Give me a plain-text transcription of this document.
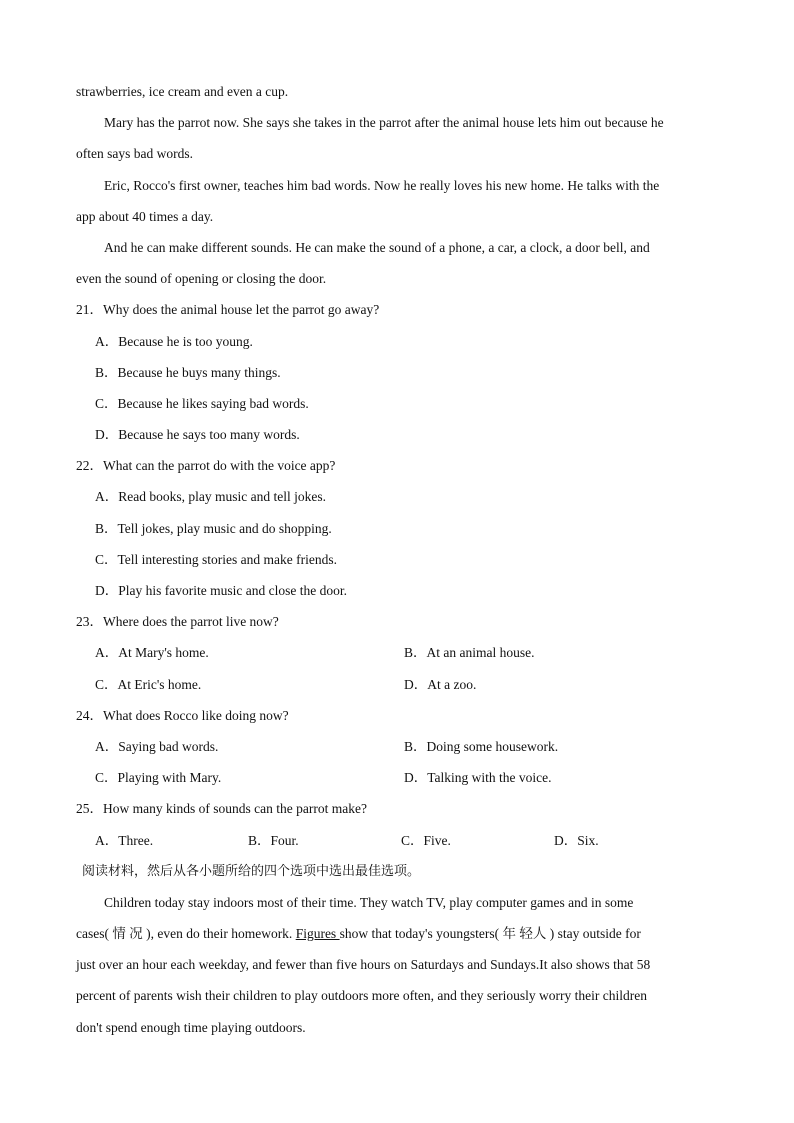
strawberries, ice cream and even a cup.
Mary has the parrot now. She says she takes in the parrot after the animal house lets him out because he
often says bad words.
Eric, Rocco's first owner, teaches him bad words. Now he really loves his new home. He talks with the
app about 40 times a day.
And he can make different sounds. He can make the sound of a phone, a car, a clock, a door bell, and
even the sound of opening or closing the door.
21．Why does the animal house let the parrot go away?
A．Because he is too young.
B．Because he buys many things.
C．Because he likes saying bad words.
D．Because he says too many words.
22．What can the parrot do with the voice app?
A．Read books, play music and tell jokes.
B．Tell jokes, play music and do shopping.
C．Tell interesting stories and make friends.
D．Play his favorite music and close the door.
23．Where does the parrot live now?
A．At Mary's home.	B．At an animal house.
C．At Eric's home.	D．At a zoo.
24．What does Rocco like doing now?
A．Saying bad words.	B．Doing some housework.
C．Playing with Mary.	D．Talking with the voice.
25．How many kinds of sounds can the parrot make?
A．Three.	B．Four.	C．Five.	D．Six.
阅读材料，然后从各小题所给的四个选项中选出最佳选项。
Children today stay indoors most of their time. They watch TV, play computer games and in some
cases( 情 况 ), even do their homework. Figures show that today's youngsters( 年 轻人 ) stay outside for
just over an hour each weekday, and fewer than five hours on Saturdays and Sundays.It also shows that 58
percent of parents wish their children to play outdoors more often, and they seriously worry their children
don't spend enough time playing outdoors.
